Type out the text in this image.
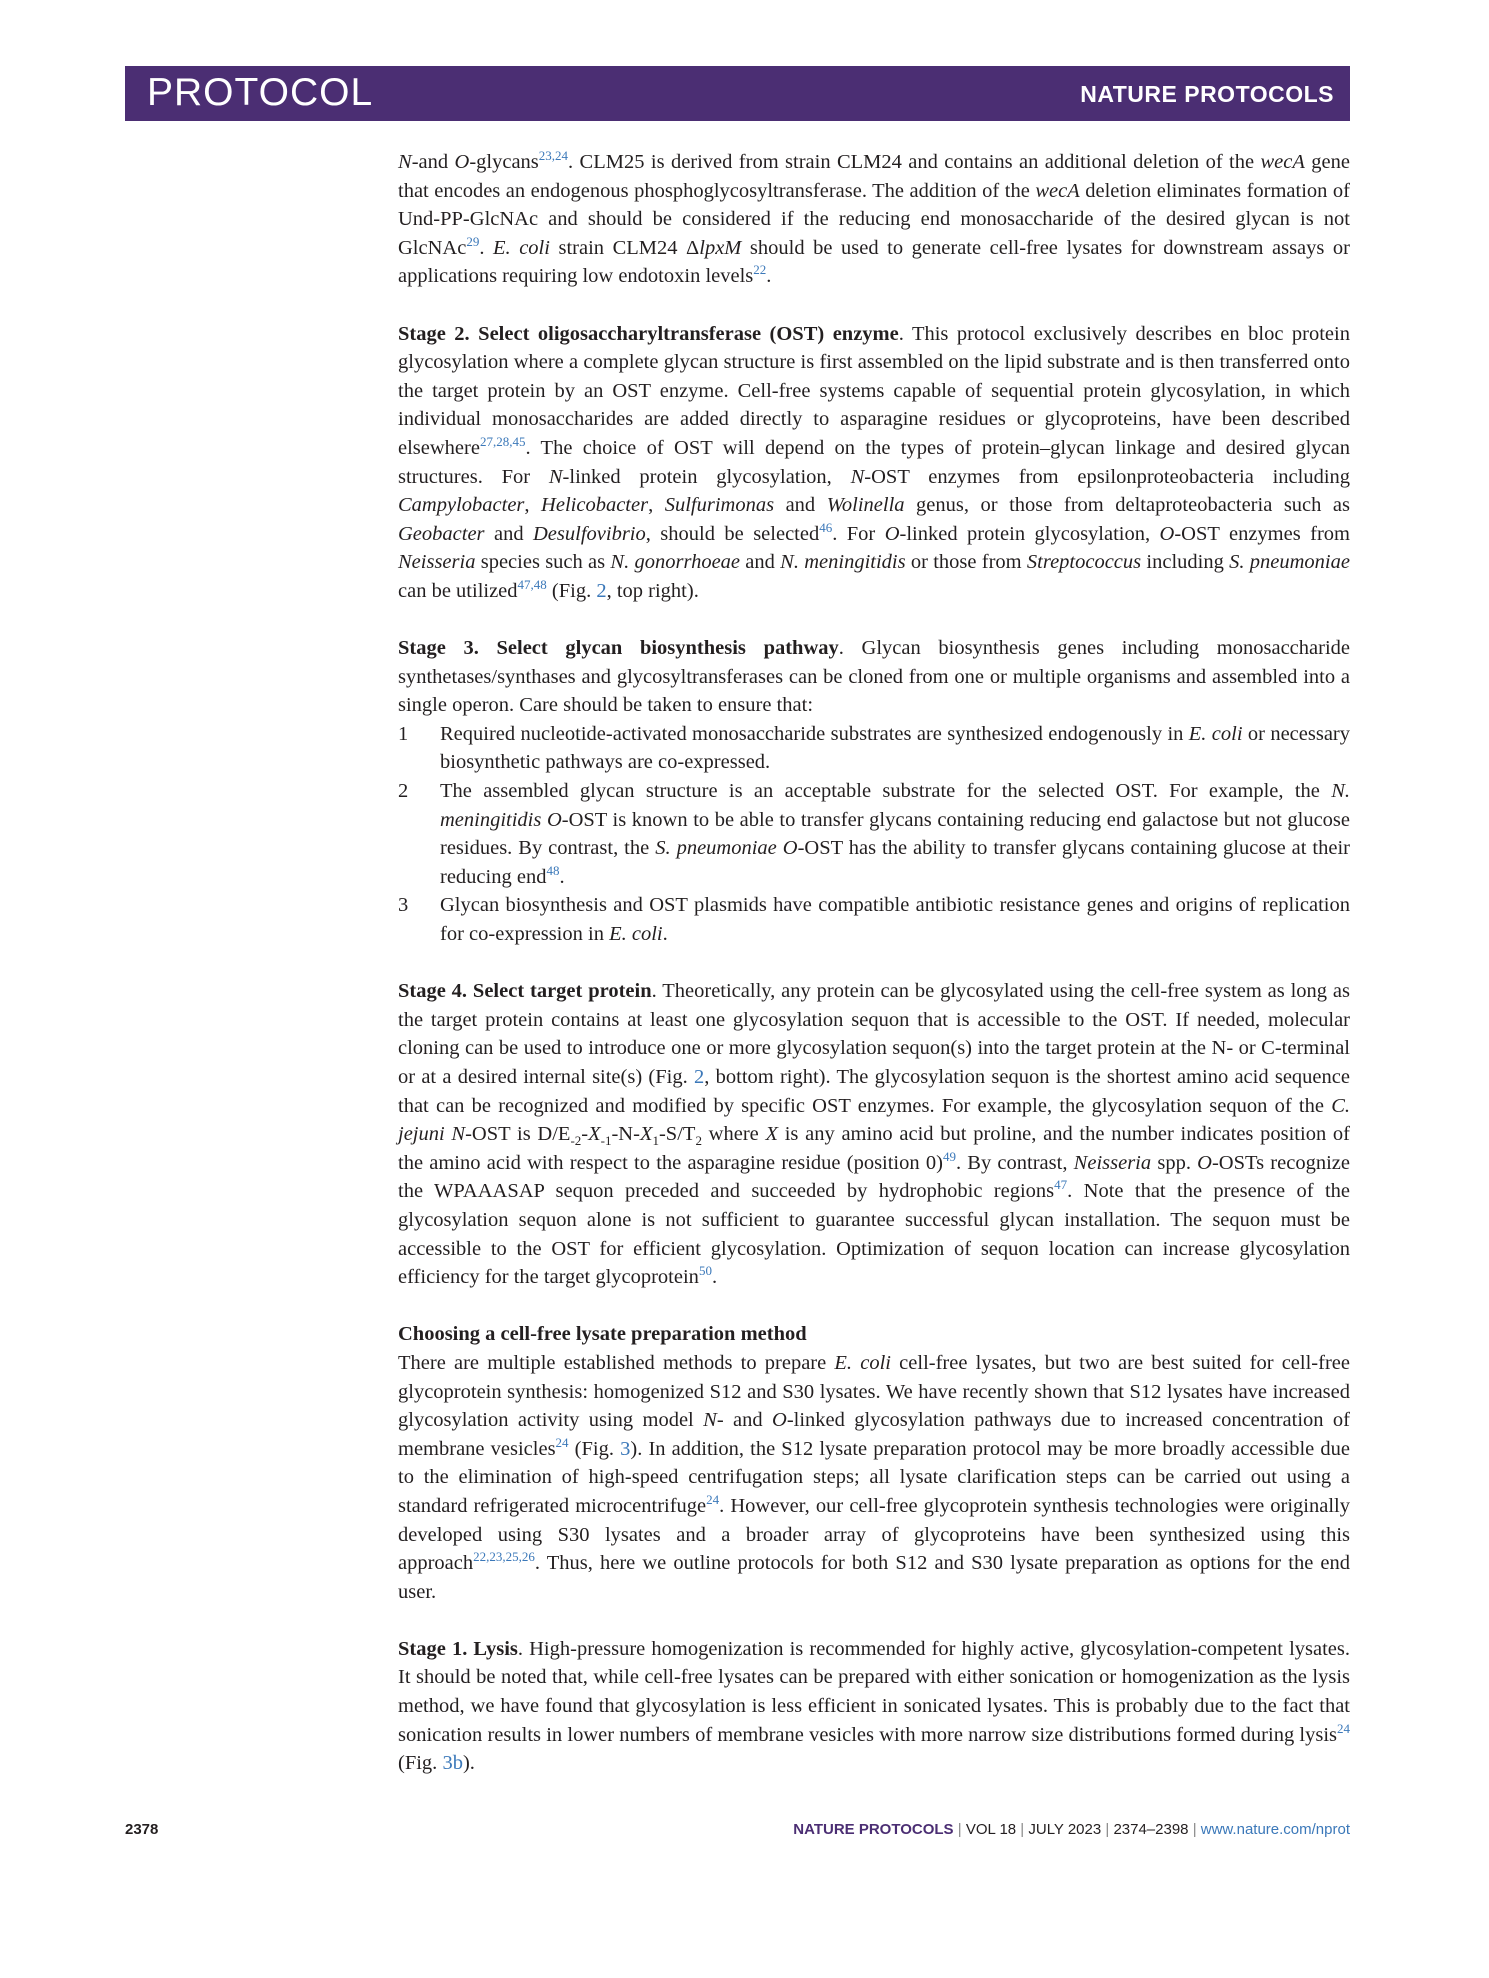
PROTOCOL	NATURE PROTOCOLS

N-and O-glycans$^{23,24}$. CLM25 is derived from strain CLM24 and contains an additional deletion of the wecA gene that encodes an endogenous phosphoglycosyltransferase. The addition of the wecA deletion eliminates formation of Und-PP-GlcNAc and should be considered if the reducing end monosaccharide of the desired glycan is not GlcNAc$^{29}$. E. coli strain CLM24 ΔlpxM should be used to generate cell-free lysates for downstream assays or applications requiring low endotoxin levels$^{22}$.

Stage 2. Select oligosaccharyltransferase (OST) enzyme. This protocol exclusively describes en bloc protein glycosylation where a complete glycan structure is first assembled on the lipid substrate and is then transferred onto the target protein by an OST enzyme. Cell-free systems capable of sequential protein glycosylation, in which individual monosaccharides are added directly to asparagine residues or glycoproteins, have been described elsewhere$^{27,28,45}$. The choice of OST will depend on the types of protein–glycan linkage and desired glycan structures. For N-linked protein glycosylation, N-OST enzymes from epsilonproteobacteria including Campylobacter, Helicobacter, Sulfurimonas and Wolinella genus, or those from deltaproteobacteria such as Geobacter and Desulfovibrio, should be selected$^{46}$. For O-linked protein glycosylation, O-OST enzymes from Neisseria species such as N. gonorrhoeae and N. meningitidis or those from Streptococcus including S. pneumoniae can be utilized$^{47,48}$ (Fig. 2, top right).

Stage 3. Select glycan biosynthesis pathway. Glycan biosynthesis genes including monosaccharide synthetases/synthases and glycosyltransferases can be cloned from one or multiple organisms and assembled into a single operon. Care should be taken to ensure that:

1 Required nucleotide-activated monosaccharide substrates are synthesized endogenously in E. coli or necessary biosynthetic pathways are co-expressed.
2 The assembled glycan structure is an acceptable substrate for the selected OST. For example, the N. meningitidis O-OST is known to be able to transfer glycans containing reducing end galactose but not glucose residues. By contrast, the S. pneumoniae O-OST has the ability to transfer glycans containing glucose at their reducing end$^{48}$.
3 Glycan biosynthesis and OST plasmids have compatible antibiotic resistance genes and origins of replication for co-expression in E. coli.

Stage 4. Select target protein. Theoretically, any protein can be glycosylated using the cell-free system as long as the target protein contains at least one glycosylation sequon that is accessible to the OST. If needed, molecular cloning can be used to introduce one or more glycosylation sequon(s) into the target protein at the N- or C-terminal or at a desired internal site(s) (Fig. 2, bottom right). The glycosylation sequon is the shortest amino acid sequence that can be recognized and modified by specific OST enzymes. For example, the glycosylation sequon of the C. jejuni N-OST is $D/E_{-2}-X_{-1}-N-X_1-S/T_2$ where X is any amino acid but proline, and the number indicates position of the amino acid with respect to the asparagine residue (position 0)$^{49}$. By contrast, Neisseria spp. O-OSTs recognize the WPAAASAP sequon preceded and succeeded by hydrophobic regions$^{47}$. Note that the presence of the glycosylation sequon alone is not sufficient to guarantee successful glycan installation. The sequon must be accessible to the OST for efficient glycosylation. Optimization of sequon location can increase glycosylation efficiency for the target glycoprotein$^{50}$.

Choosing a cell-free lysate preparation method

There are multiple established methods to prepare E. coli cell-free lysates, but two are best suited for cell-free glycoprotein synthesis: homogenized S12 and S30 lysates. We have recently shown that S12 lysates have increased glycosylation activity using model N- and O-linked glycosylation pathways due to increased concentration of membrane vesicles$^{24}$ (Fig. 3). In addition, the S12 lysate preparation protocol may be more broadly accessible due to the elimination of high-speed centrifugation steps; all lysate clarification steps can be carried out using a standard refrigerated microcentrifuge$^{24}$. However, our cell-free glycoprotein synthesis technologies were originally developed using S30 lysates and a broader array of glycoproteins have been synthesized using this approach$^{22,23,25,26}$. Thus, here we outline protocols for both S12 and S30 lysate preparation as options for the end user.

Stage 1. Lysis. High-pressure homogenization is recommended for highly active, glycosylation-competent lysates. It should be noted that, while cell-free lysates can be prepared with either sonication or homogenization as the lysis method, we have found that glycosylation is less efficient in sonicated lysates. This is probably due to the fact that sonication results in lower numbers of membrane vesicles with more narrow size distributions formed during lysis$^{24}$ (Fig. 3b).

2378	NATURE PROTOCOLS | VOL 18 | JULY 2023 | 2374–2398 | www.nature.com/nprot
